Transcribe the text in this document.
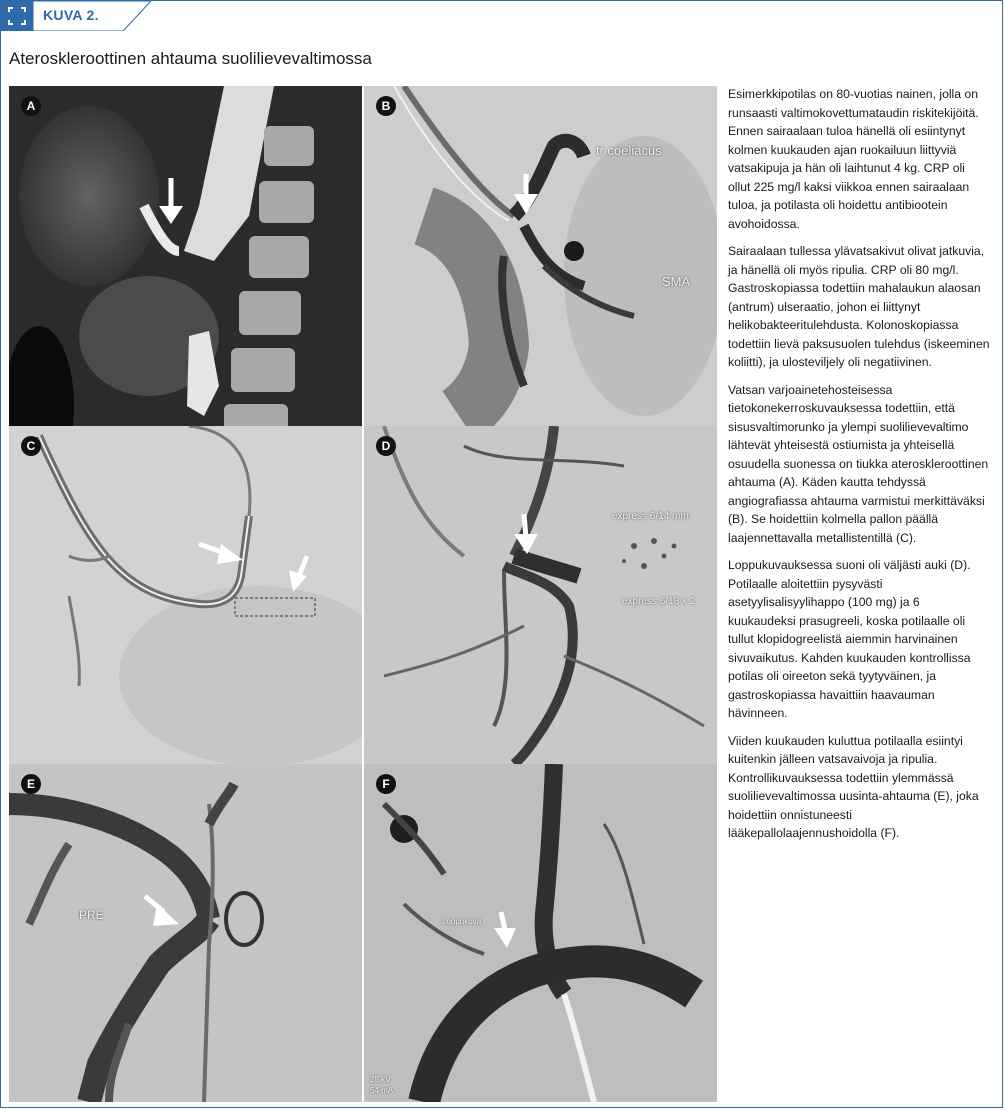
KUVA 2.
Ateroskleroottinen ahtauma suolilievevaltimossa
A	B
tr coeliacus
SMA
C	D
express 6/14 mm
express 6/18 x 2
E
PRE
F
Loppukuva
25 kV
54 mA

Esimerkkipotilas on 80-vuotias nainen, jolla on runsaasti valtimokovettumataudin riskitekijöitä. Ennen sairaalaan tuloa hänellä oli esiintynyt kolmen kuukauden ajan ruokailuun liittyviä vatsakipuja ja hän oli laihtunut 4 kg. CRP oli ollut 225 mg/l kaksi viikkoa ennen sairaalaan tuloa, ja potilasta oli hoidettu antibiootein avohoidossa.

Sairaalaan tullessa ylävatsakivut olivat jatkuvia, ja hänellä oli myös ripulia. CRP oli 80 mg/l. Gastroskopiassa todettiin mahalaukun alaosan (antrum) ulseraatio, johon ei liittynyt helikobakteeritulehdusta. Kolonoskopiassa todettiin lievä paksusuolen tulehdus (iskeeminen koliitti), ja ulosteviljely oli negatiivinen.

Vatsan varjoainetehosteisessa tietokonekerroskuvauksessa todettiin, että sisusvaltimorunko ja ylempi suolilievevaltimo lähtevät yhteisestä ostiumista ja yhteisellä osuudella suonessa on tiukka ateroskleroottinen ahtauma (A). Käden kautta tehdyssä angiografiassa ahtauma varmistui merkittäväksi (B). Se hoidettiin kolmella pallon päällä laajennettavalla metallistentillä (C).

Loppukuvauksessa suoni oli väljästi auki (D). Potilaalle aloitettiin pysyvästi asetyylisalisyylihappo (100 mg) ja 6 kuukaudeksi prasugreeli, koska potilaalle oli tullut klopidogreelistä aiemmin harvinainen sivuvaikutus. Kahden kuukauden kontrollissa potilas oli oireeton sekä tyytyväinen, ja gastroskopiassa havaittiin haavauman hävinneen.

Viiden kuukauden kuluttua potilaalla esiintyi kuitenkin jälleen vatsavaivoja ja ripulia. Kontrollikuvauksessa todettiin ylemmässä suolilievevaltimossa uusinta-ahtauma (E), joka hoidettiin onnistuneesti lääkepallolaajennushoidolla (F).
